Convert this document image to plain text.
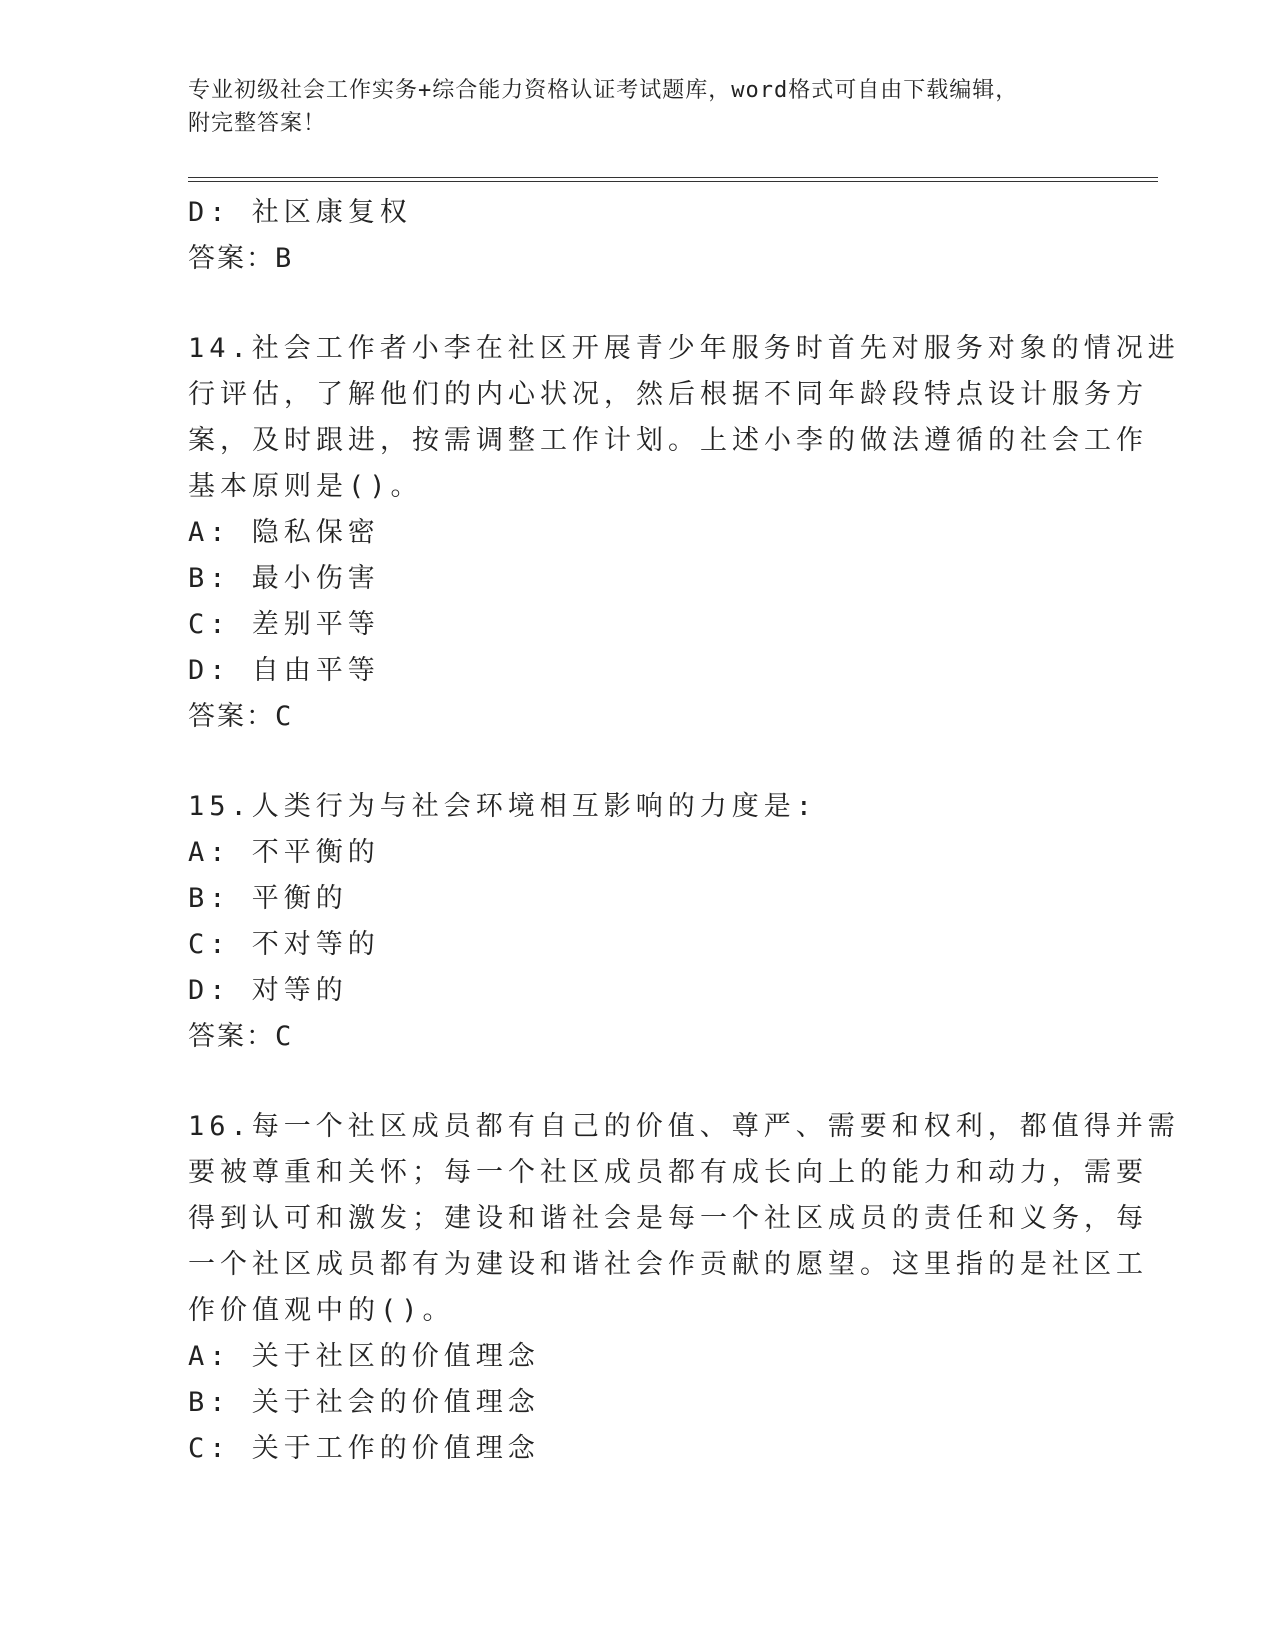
专业初级社会工作实务+综合能力资格认证考试题库，word格式可自由下载编辑，
附完整答案！
D: 社区康复权
答案：B
14.社会工作者小李在社区开展青少年服务时首先对服务对象的情况进
行评估，了解他们的内心状况，然后根据不同年龄段特点设计服务方
案，及时跟进，按需调整工作计划。上述小李的做法遵循的社会工作
基本原则是()。
A: 隐私保密
B: 最小伤害
C: 差别平等
D: 自由平等
答案：C
15.人类行为与社会环境相互影响的力度是:
A: 不平衡的
B: 平衡的
C: 不对等的
D: 对等的
答案：C
16.每一个社区成员都有自己的价值、尊严、需要和权利，都值得并需
要被尊重和关怀；每一个社区成员都有成长向上的能力和动力，需要
得到认可和激发；建设和谐社会是每一个社区成员的责任和义务，每
一个社区成员都有为建设和谐社会作贡献的愿望。这里指的是社区工
作价值观中的()。
A: 关于社区的价值理念
B: 关于社会的价值理念
C: 关于工作的价值理念
